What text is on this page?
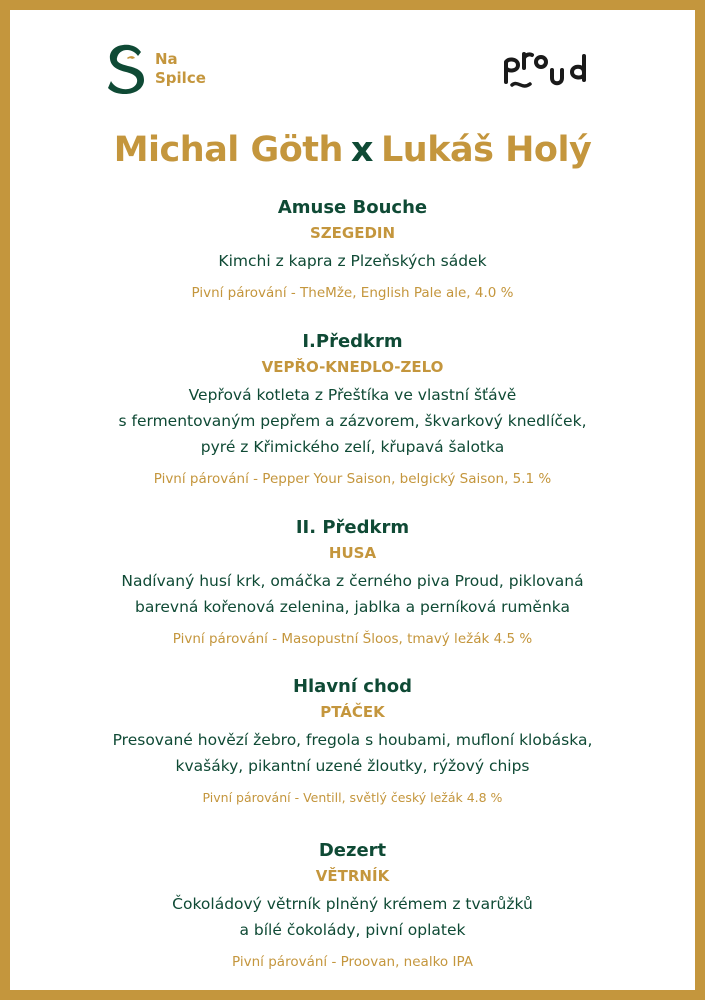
Na
Spilce
Michal Göth x Lukáš Holý
Amuse Bouche
SZEGEDIN
Kimchi z kapra z Plzeňských sádek
Pivní párování - TheMže, English Pale ale, 4.0 %
I.Předkrm
VEPŘO-KNEDLO-ZELO
Vepřová kotleta z Přeštíka ve vlastní šťávě
s fermentovaným pepřem a zázvorem, škvarkový knedlíček,
pyré z Křimického zelí, křupavá šalotka
Pivní párování - Pepper Your Saison, belgický Saison, 5.1 %
II. Předkrm
HUSA
Nadívaný husí krk, omáčka z černého piva Proud, piklovaná
barevná kořenová zelenina, jablka a perníková ruměnka
Pivní párování - Masopustní Šloos, tmavý ležák 4.5 %
Hlavní chod
PTÁČEK
Presované hovězí žebro, fregola s houbami, mufloní klobáska,
kvašáky, pikantní uzené žloutky, rýžový chips
Pivní párování - Ventill, světlý český ležák 4.8 %
Dezert
VĚTRNÍK
Čokoládový větrník plněný krémem z tvarůžků
a bílé čokolády, pivní oplatek
Pivní párování - Proovan, nealko IPA
